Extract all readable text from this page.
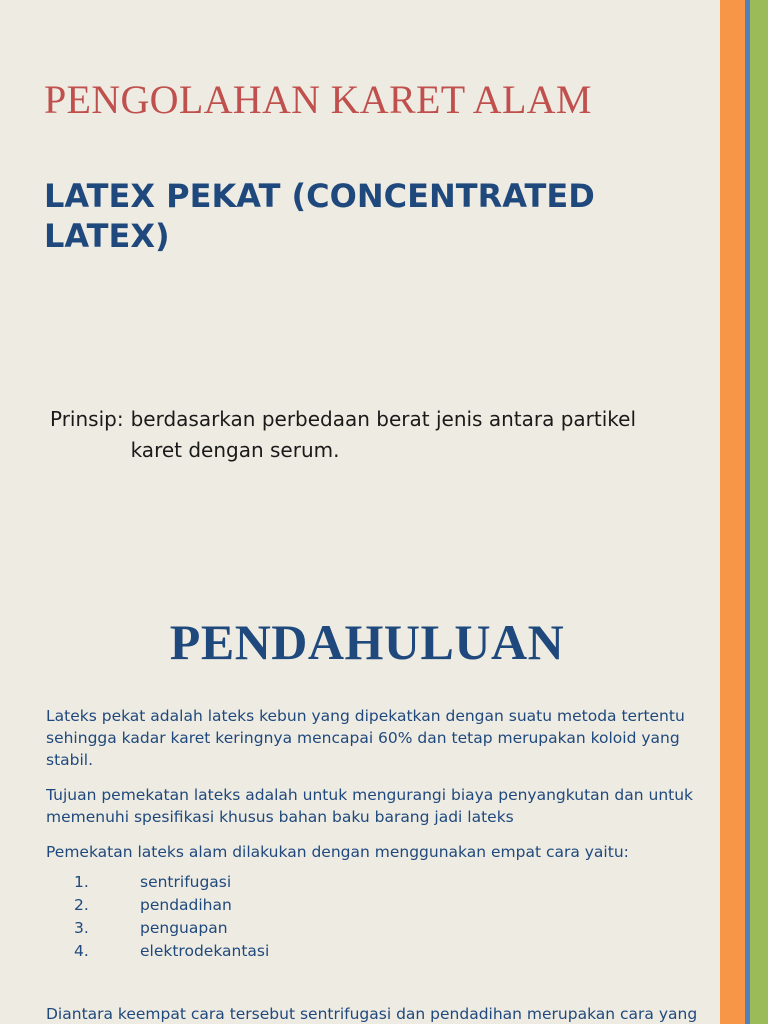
PENGOLAHAN KARET ALAM
LATEX PEKAT (CONCENTRATED LATEX)
Prinsip: berdasarkan perbedaan berat jenis antara partikel karet dengan serum.
PENDAHULUAN

Lateks pekat adalah lateks kebun yang dipekatkan dengan suatu metoda tertentu sehingga kadar karet keringnya mencapai 60% dan tetap merupakan koloid yang stabil.

Tujuan pemekatan lateks adalah untuk mengurangi biaya penyangkutan dan untuk memenuhi spesifikasi khusus bahan baku barang jadi lateks

Pemekatan lateks alam dilakukan dengan menggunakan empat cara yaitu:

1.	sentrifugasi
2.	pendadihan
3.	penguapan
4.	elektrodekantasi

Diantara keempat cara tersebut sentrifugasi dan pendadihan merupakan cara yang
